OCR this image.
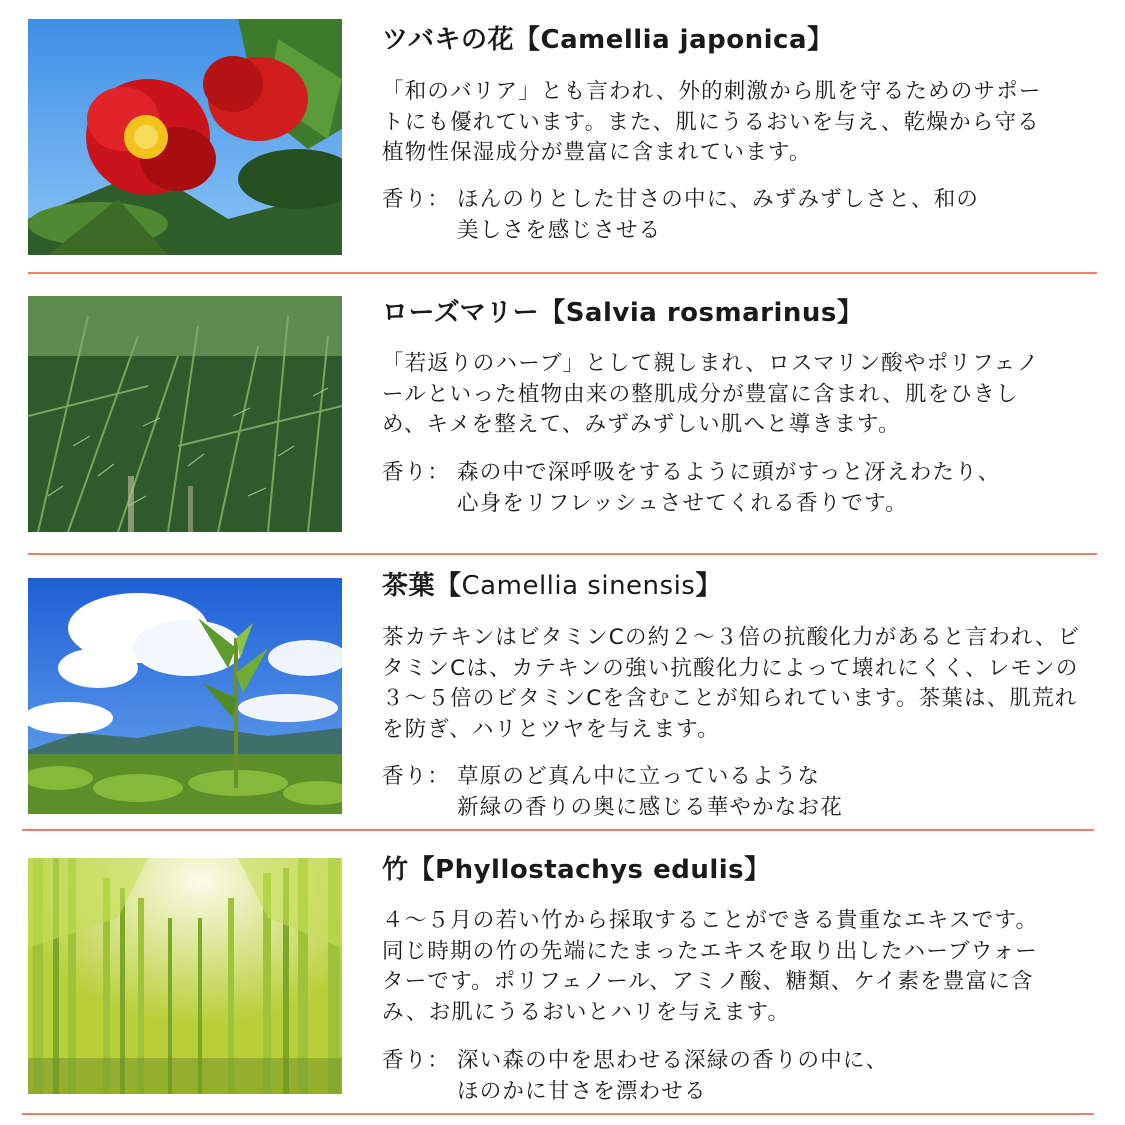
ツバキの花【Camellia japonica】

「和のバリア」とも言われ、外的刺激から肌を守るためのサポートにも優れています。また、肌にうるおいを与え、乾燥から守る植物性保湿成分が豊富に含まれています。

香り： ほんのりとした甘さの中に、みずみずしさと、和の
美しさを感じさせる
ローズマリー【Salvia rosmarinus】

「若返りのハーブ」として親しまれ、ロスマリン酸やポリフェノールといった植物由来の整肌成分が豊富に含まれ、肌をひきしめ、キメを整えて、みずみずしい肌へと導きます。

香り： 森の中で深呼吸をするように頭がすっと冴えわたり、
心身をリフレッシュさせてくれる香りです。
茶葉【Camellia sinensis】

茶カテキンはビタミンCの約２～３倍の抗酸化力があると言われ、ビタミンCは、カテキンの強い抗酸化力によって壊れにくく、レモンの３～５倍のビタミンCを含むことが知られています。茶葉は、肌荒れを防ぎ、ハリとツヤを与えます。

香り： 草原のど真ん中に立っているような
新緑の香りの奥に感じる華やかなお花
竹【Phyllostachys edulis】

４～５月の若い竹から採取することができる貴重なエキスです。同じ時期の竹の先端にたまったエキスを取り出したハーブウォーターです。ポリフェノール、アミノ酸、糖類、ケイ素を豊富に含み、お肌にうるおいとハリを与えます。

香り： 深い森の中を思わせる深緑の香りの中に、
ほのかに甘さを漂わせる
